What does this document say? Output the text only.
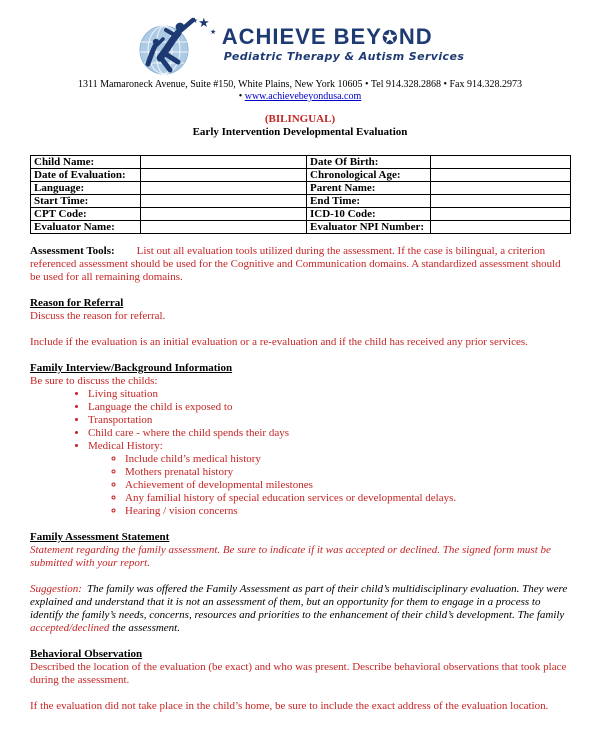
★
★
★ ACHIEVE BEY✪ND
Pediatric Therapy & Autism Services
1311 Mamaroneck Avenue, Suite #150, White Plains, New York 10605 • Tel 914.328.2868 • Fax 914.328.2973
• www.achievebeyondusa.com
(BILINGUAL)
Early Intervention Developmental Evaluation
Child Name:		Date Of Birth:	
Date of Evaluation:		Chronological Age:	
Language:		Parent Name:	
Start Time:		End Time:	
CPT Code:		ICD-10 Code:	
Evaluator Name:		Evaluator NPI Number:	
Assessment Tools: List out all evaluation tools utilized during the assessment. If the case is bilingual, a criterion referenced assessment should be used for the Cognitive and Communication domains. A standardized assessment should be used for all remaining domains.
Reason for Referral
Discuss the reason for referral.
Include if the evaluation is an initial evaluation or a re-evaluation and if the child has received any prior services.
Family Interview/Background Information
Be sure to discuss the childs:
• Living situation
• Language the child is exposed to
• Transportation
• Child care - where the child spends their days
• Medical History:
◦ Include child’s medical history
◦ Mothers prenatal history
◦ Achievement of developmental milestones
◦ Any familial history of special education services or developmental delays.
◦ Hearing / vision concerns
Family Assessment Statement
Statement regarding the family assessment. Be sure to indicate if it was accepted or declined. The signed form must be submitted with your report.
Suggestion: The family was offered the Family Assessment as part of their child’s multidisciplinary evaluation. They were explained and understand that it is not an assessment of them, but an opportunity for them to engage in a process to identify the family’s needs, concerns, resources and priorities to the enhancement of their child’s development. The family accepted/declined the assessment.
Behavioral Observation
Described the location of the evaluation (be exact) and who was present. Describe behavioral observations that took place during the assessment.
If the evaluation did not take place in the child’s home, be sure to include the exact address of the evaluation location.
